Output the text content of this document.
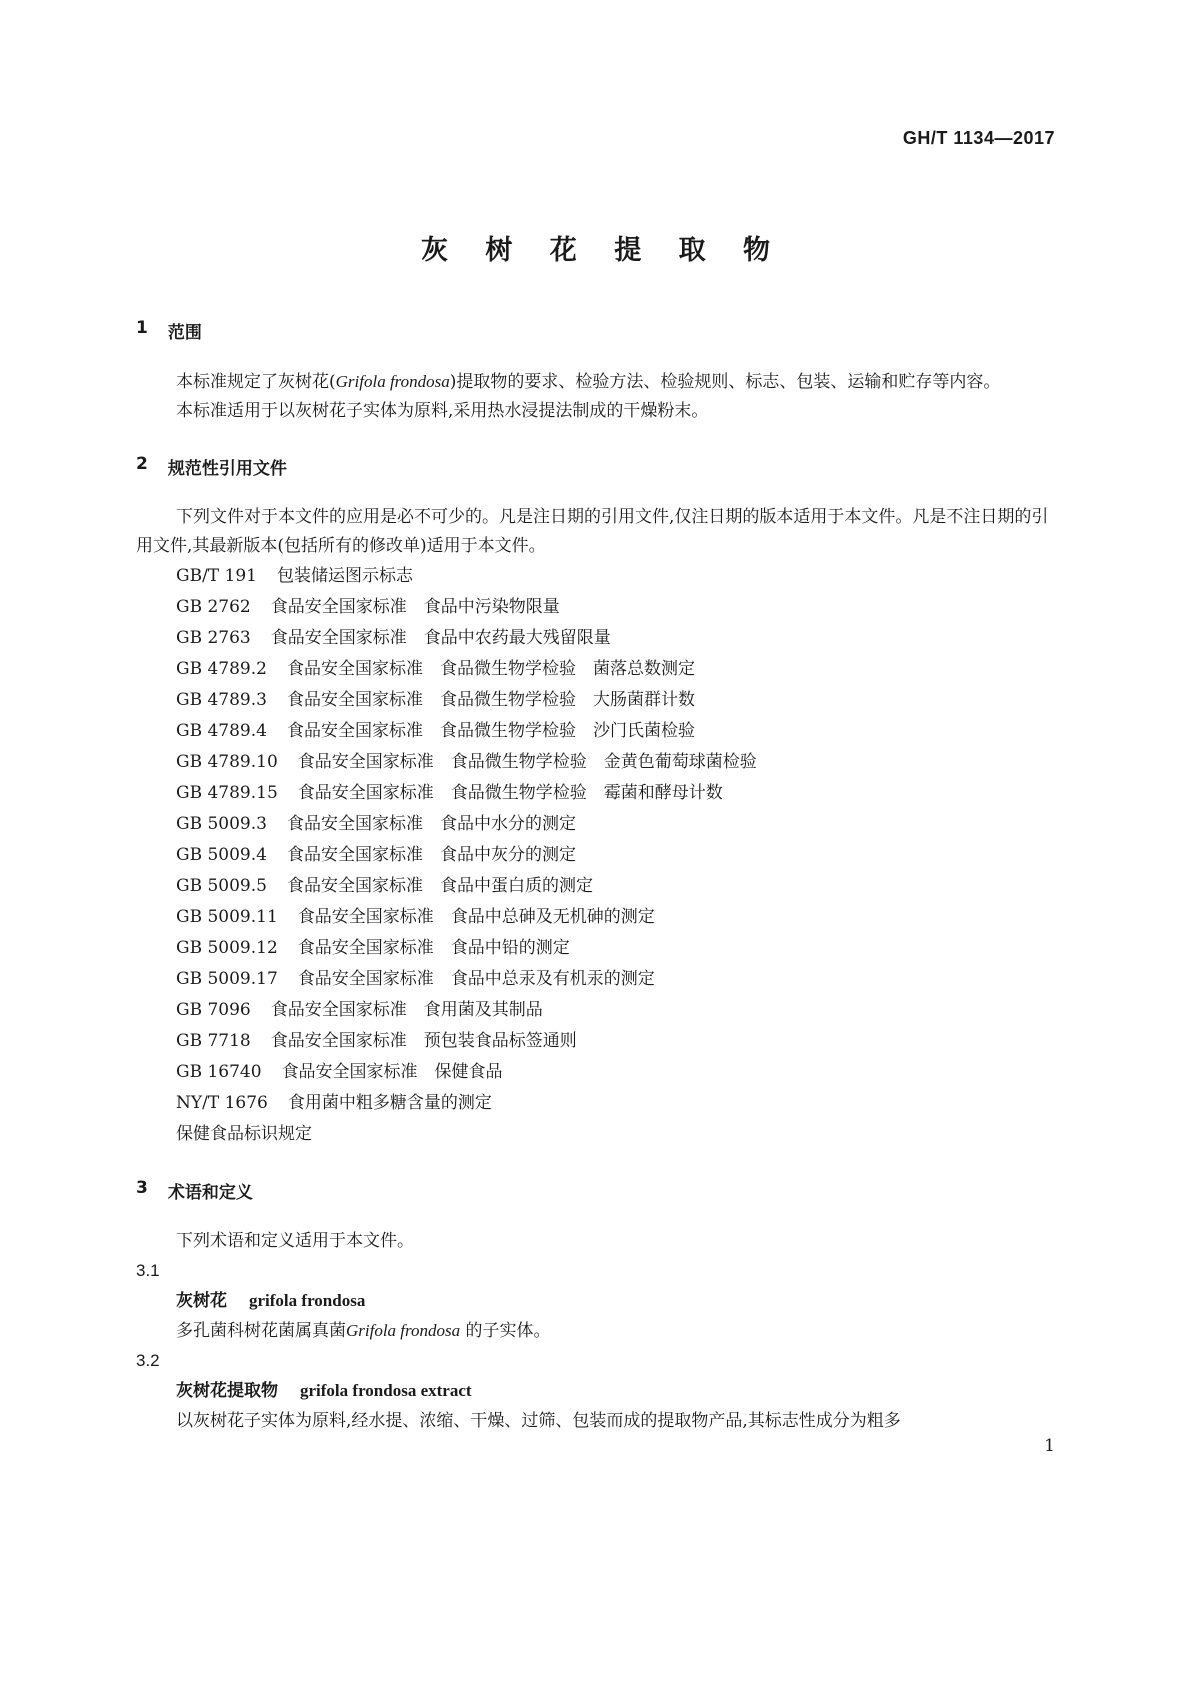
GH/T 1134—2017
灰 树 花 提 取 物
1 范围

本标准规定了灰树花(Grifola frondosa)提取物的要求、检验方法、检验规则、标志、包装、运输和贮存等内容。

本标准适用于以灰树花子实体为原料,采用热水浸提法制成的干燥粉末。

2 规范性引用文件

下列文件对于本文件的应用是必不可少的。凡是注日期的引用文件,仅注日期的版本适用于本文件。凡是不注日期的引用文件,其最新版本(包括所有的修改单)适用于本文件。

GB/T 191 包装储运图示标志
GB 2762 食品安全国家标准　食品中污染物限量
GB 2763 食品安全国家标准　食品中农药最大残留限量
GB 4789.2 食品安全国家标准　食品微生物学检验　菌落总数测定
GB 4789.3 食品安全国家标准　食品微生物学检验　大肠菌群计数
GB 4789.4 食品安全国家标准　食品微生物学检验　沙门氏菌检验
GB 4789.10 食品安全国家标准　食品微生物学检验　金黄色葡萄球菌检验
GB 4789.15 食品安全国家标准　食品微生物学检验　霉菌和酵母计数
GB 5009.3 食品安全国家标准　食品中水分的测定
GB 5009.4 食品安全国家标准　食品中灰分的测定
GB 5009.5 食品安全国家标准　食品中蛋白质的测定
GB 5009.11 食品安全国家标准　食品中总砷及无机砷的测定
GB 5009.12 食品安全国家标准　食品中铅的测定
GB 5009.17 食品安全国家标准　食品中总汞及有机汞的测定
GB 7096 食品安全国家标准　食用菌及其制品
GB 7718 食品安全国家标准　预包装食品标签通则
GB 16740 食品安全国家标准　保健食品
NY/T 1676 食用菌中粗多糖含量的测定
保健食品标识规定
3 术语和定义

下列术语和定义适用于本文件。

3.1
灰树花 grifola frondosa
多孔菌科树花菌属真菌Grifola frondosa 的子实体。
3.2
灰树花提取物 grifola frondosa extract
以灰树花子实体为原料,经水提、浓缩、干燥、过筛、包装而成的提取物产品,其标志性成分为粗多
1
